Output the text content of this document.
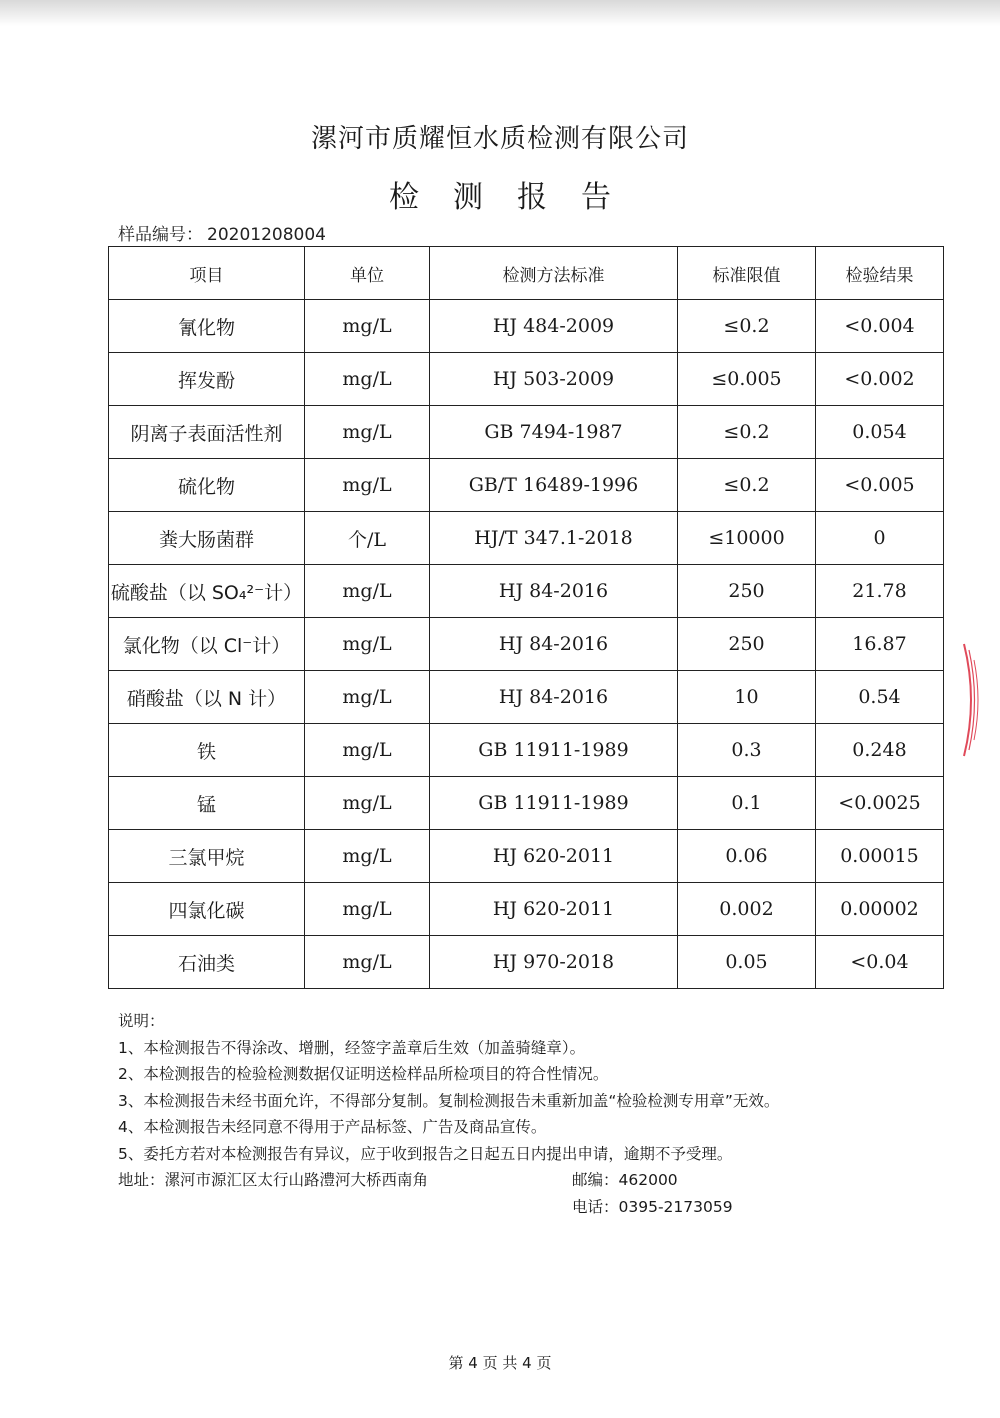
漯河市质耀恒水质检测有限公司
检测报告
样品编号： 20201208004
项目	单位	检测方法标准	标准限值	检验结果
氰化物	mg/L	HJ 484-2009	≤0.2	<0.004
挥发酚	mg/L	HJ 503-2009	≤0.005	<0.002
阴离子表面活性剂	mg/L	GB 7494-1987	≤0.2	0.054
硫化物	mg/L	GB/T 16489-1996	≤0.2	<0.005
粪大肠菌群	个/L	HJ/T 347.1-2018	≤10000	0
硫酸盐（以 SO₄²⁻计）	mg/L	HJ 84-2016	250	21.78
氯化物（以 Cl⁻计）	mg/L	HJ 84-2016	250	16.87
硝酸盐（以 N 计）	mg/L	HJ 84-2016	10	0.54
铁	mg/L	GB 11911-1989	0.3	0.248
锰	mg/L	GB 11911-1989	0.1	<0.0025
三氯甲烷	mg/L	HJ 620-2011	0.06	0.00015
四氯化碳	mg/L	HJ 620-2011	0.002	0.00002
石油类	mg/L	HJ 970-2018	0.05	<0.04
说明：
1、本检测报告不得涂改、增删，经签字盖章后生效（加盖骑缝章）。
2、本检测报告的检验检测数据仅证明送检样品所检项目的符合性情况。
3、本检测报告未经书面允许，不得部分复制。复制检测报告未重新加盖“检验检测专用章”无效。
4、本检测报告未经同意不得用于产品标签、广告及商品宣传。
5、委托方若对本检测报告有异议，应于收到报告之日起五日内提出申请，逾期不予受理。
地址：漯河市源汇区太行山路澧河大桥西南角	邮编：462000
电话：0395-2173059
第 4 页 共 4 页
